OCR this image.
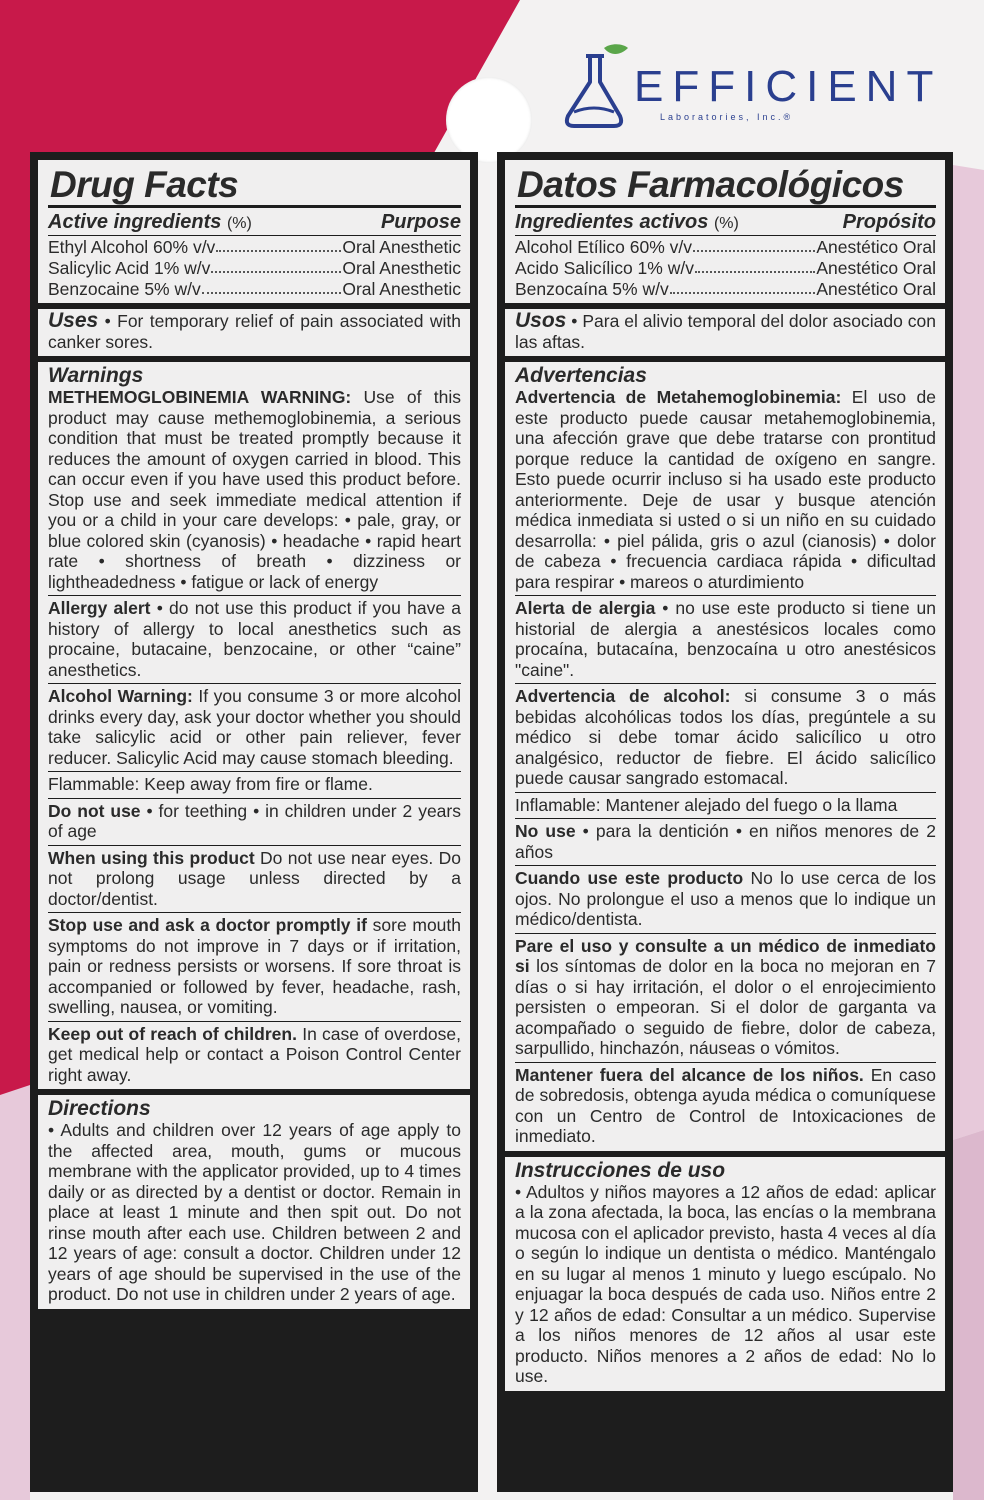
EFFICIENT
Laboratories, Inc.®
Drug Facts
Active ingredients (%)	Purpose
Ethyl Alcohol 60% v/v	Oral Anesthetic
Salicylic Acid 1% w/v	Oral Anesthetic
Benzocaine 5% w/v	Oral Anesthetic
Uses • For temporary relief of pain associated with canker sores.
Warnings
METHEMOGLOBINEMIA WARNING: Use of this product may cause methemoglobinemia, a serious condition that must be treated promptly because it reduces the amount of oxygen carried in blood. This can occur even if you have used this product before. Stop use and seek immediate medical attention if you or a child in your care develops: • pale, gray, or blue colored skin (cyanosis) • headache • rapid heart rate • shortness of breath • dizziness or lightheadedness • fatigue or lack of energy
Allergy alert • do not use this product if you have a history of allergy to local anesthetics such as procaine, butacaine, benzocaine, or other “caine” anesthetics.
Alcohol Warning: If you consume 3 or more alcohol drinks every day, ask your doctor whether you should take salicylic acid or other pain reliever, fever reducer. Salicylic Acid may cause stomach bleeding.
Flammable: Keep away from fire or flame.
Do not use • for teething • in children under 2 years of age
When using this product Do not use near eyes. Do not prolong usage unless directed by a doctor/dentist.
Stop use and ask a doctor promptly if sore mouth symptoms do not improve in 7 days or if irritation, pain or redness persists or worsens. If sore throat is accompanied or followed by fever, headache, rash, swelling, nausea, or vomiting.
Keep out of reach of children. In case of overdose, get medical help or contact a Poison Control Center right away.
Directions
• Adults and children over 12 years of age apply to the affected area, mouth, gums or mucous membrane with the applicator provided, up to 4 times daily or as directed by a dentist or doctor. Remain in place at least 1 minute and then spit out. Do not rinse mouth after each use. Children between 2 and 12 years of age: consult a doctor. Children under 12 years of age should be supervised in the use of the product. Do not use in children under 2 years of age.
Datos Farmacológicos
Ingredientes activos (%)	Propósito
Alcohol Etílico 60% v/v	Anestético Oral
Acido Salicílico 1% w/v	Anestético Oral
Benzocaína 5% w/v	Anestético Oral
Usos • Para el alivio temporal del dolor asociado con las aftas.
Advertencias
Advertencia de Metahemoglobinemia: El uso de este producto puede causar metahemoglobinemia, una afección grave que debe tratarse con prontitud porque reduce la cantidad de oxígeno en sangre. Esto puede ocurrir incluso si ha usado este producto anteriormente. Deje de usar y busque atención médica inmediata si usted o si un niño en su cuidado desarrolla: • piel pálida, gris o azul (cianosis) • dolor de cabeza • frecuencia cardiaca rápida • dificultad para respirar • mareos o aturdimiento
Alerta de alergia • no use este producto si tiene un historial de alergia a anestésicos locales como procaína, butacaína, benzocaína u otro anestésicos "caine".
Advertencia de alcohol: si consume 3 o más bebidas alcohólicas todos los días, pregúntele a su médico si debe tomar ácido salicílico u otro analgésico, reductor de fiebre. El ácido salicílico puede causar sangrado estomacal.
Inflamable: Mantener alejado del fuego o la llama
No use • para la dentición • en niños menores de 2 años
Cuando use este producto No lo use cerca de los ojos. No prolongue el uso a menos que lo indique un médico/dentista.
Pare el uso y consulte a un médico de inmediato si los síntomas de dolor en la boca no mejoran en 7 días o si hay irritación, el dolor o el enrojecimiento persisten o empeoran. Si el dolor de garganta va acompañado o seguido de fiebre, dolor de cabeza, sarpullido, hinchazón, náuseas o vómitos.
Mantener fuera del alcance de los niños. En caso de sobredosis, obtenga ayuda médica o comuníquese con un Centro de Control de Intoxicaciones de inmediato.
Instrucciones de uso
• Adultos y niños mayores a 12 años de edad: aplicar a la zona afectada, la boca, las encías o la membrana mucosa con el aplicador previsto, hasta 4 veces al día o según lo indique un dentista o médico. Manténgalo en su lugar al menos 1 minuto y luego escúpalo. No enjuagar la boca después de cada uso. Niños entre 2 y 12 años de edad: Consultar a un médico. Supervise a los niños menores de 12 años al usar este producto. Niños menores a 2 años de edad: No lo use.
